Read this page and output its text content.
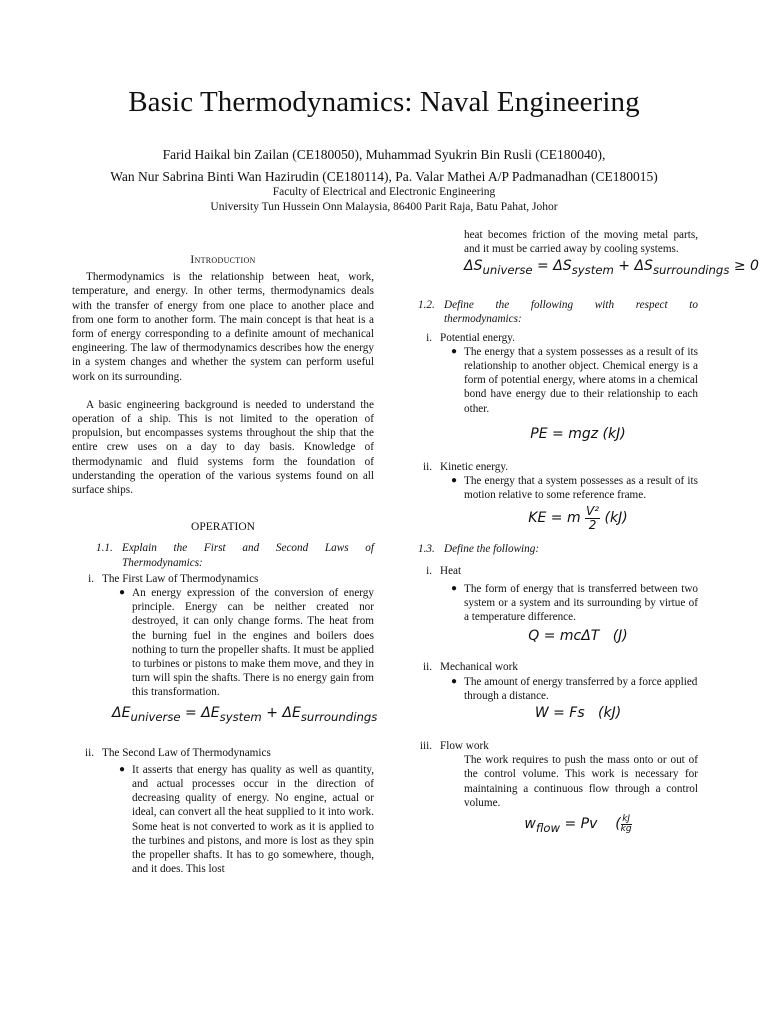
Basic Thermodynamics: Naval Engineering
Farid Haikal bin Zailan (CE180050), Muhammad Syukrin Bin Rusli (CE180040),
Wan Nur Sabrina Binti Wan Hazirudin (CE180114), Pa. Valar Mathei A/P Padmanadhan (CE180015)
Faculty of Electrical and Electronic Engineering
University Tun Hussein Onn Malaysia, 86400 Parit Raja, Batu Pahat, Johor
Introduction
Thermodynamics is the relationship between heat, work, temperature, and energy. In other terms, thermodynamics deals with the transfer of energy from one place to another place and from one form to another form. The main concept is that heat is a form of energy corresponding to a definite amount of mechanical engineering. The law of thermodynamics describes how the energy in a system changes and whether the system can perform useful work on its surrounding.
A basic engineering background is needed to understand the operation of a ship. This is not limited to the operation of propulsion, but encompasses systems throughout the ship that the entire crew uses on a day to day basis. Knowledge of thermodynamic and fluid systems form the foundation of understanding the operation of the various systems found on all surface ships.
OPERATION
1.1. Explain the First and Second Laws of
Thermodynamics:
i. The First Law of Thermodynamics
● An energy expression of the conversion of energy principle. Energy can be neither created nor destroyed, it can only change forms. The heat from the burning fuel in the engines and boilers does nothing to turn the propeller shafts. It must be applied to turbines or pistons to make them move, and they in turn will spin the shafts. There is no energy gain from this transformation.
$\Delta E_{universe} = \Delta E_{system} + \Delta E_{surroundings}$
ii. The Second Law of Thermodynamics
● It asserts that energy has quality as well as quantity, and actual processes occur in the direction of decreasing quality of energy. No engine, actual or ideal, can convert all the heat supplied to it into work. Some heat is not converted to work as it is applied to the turbines and pistons, and more is lost as they spin the propeller shafts. It has to go somewhere, though, and it does. This lost
heat becomes friction of the moving metal parts, and it must be carried away by cooling systems.
$\Delta S_{universe} = \Delta S_{system} + \Delta S_{surroundings} \ge 0$
1.2. Define the following with respect to
thermodynamics:
i. Potential energy.
● The energy that a system possesses as a result of its relationship to another object. Chemical energy is a form of potential energy, where atoms in a chemical bond have energy due to their relationship to each other.
PE = mgz (kJ)
ii. Kinetic energy.
● The energy that a system possesses as a result of its motion relative to some reference frame.
KE = m $\frac{\text{V²}}{2} (kJ)$
1.3. Define the following:
i. Heat
● The form of energy that is transferred between two system or a system and its surrounding by virtue of a temperature difference.
Q = mcΔT (J)
ii. Mechanical work
● The amount of energy transferred by a force applied through a distance.
W = Fs (kJ)
iii. Flow work
The work requires to push the mass onto or out of the control volume. This work is necessary for maintaining a continuous flow through a control volume.
$w_{flow} = Pv$    ( $\frac{kJ}{kg}$
